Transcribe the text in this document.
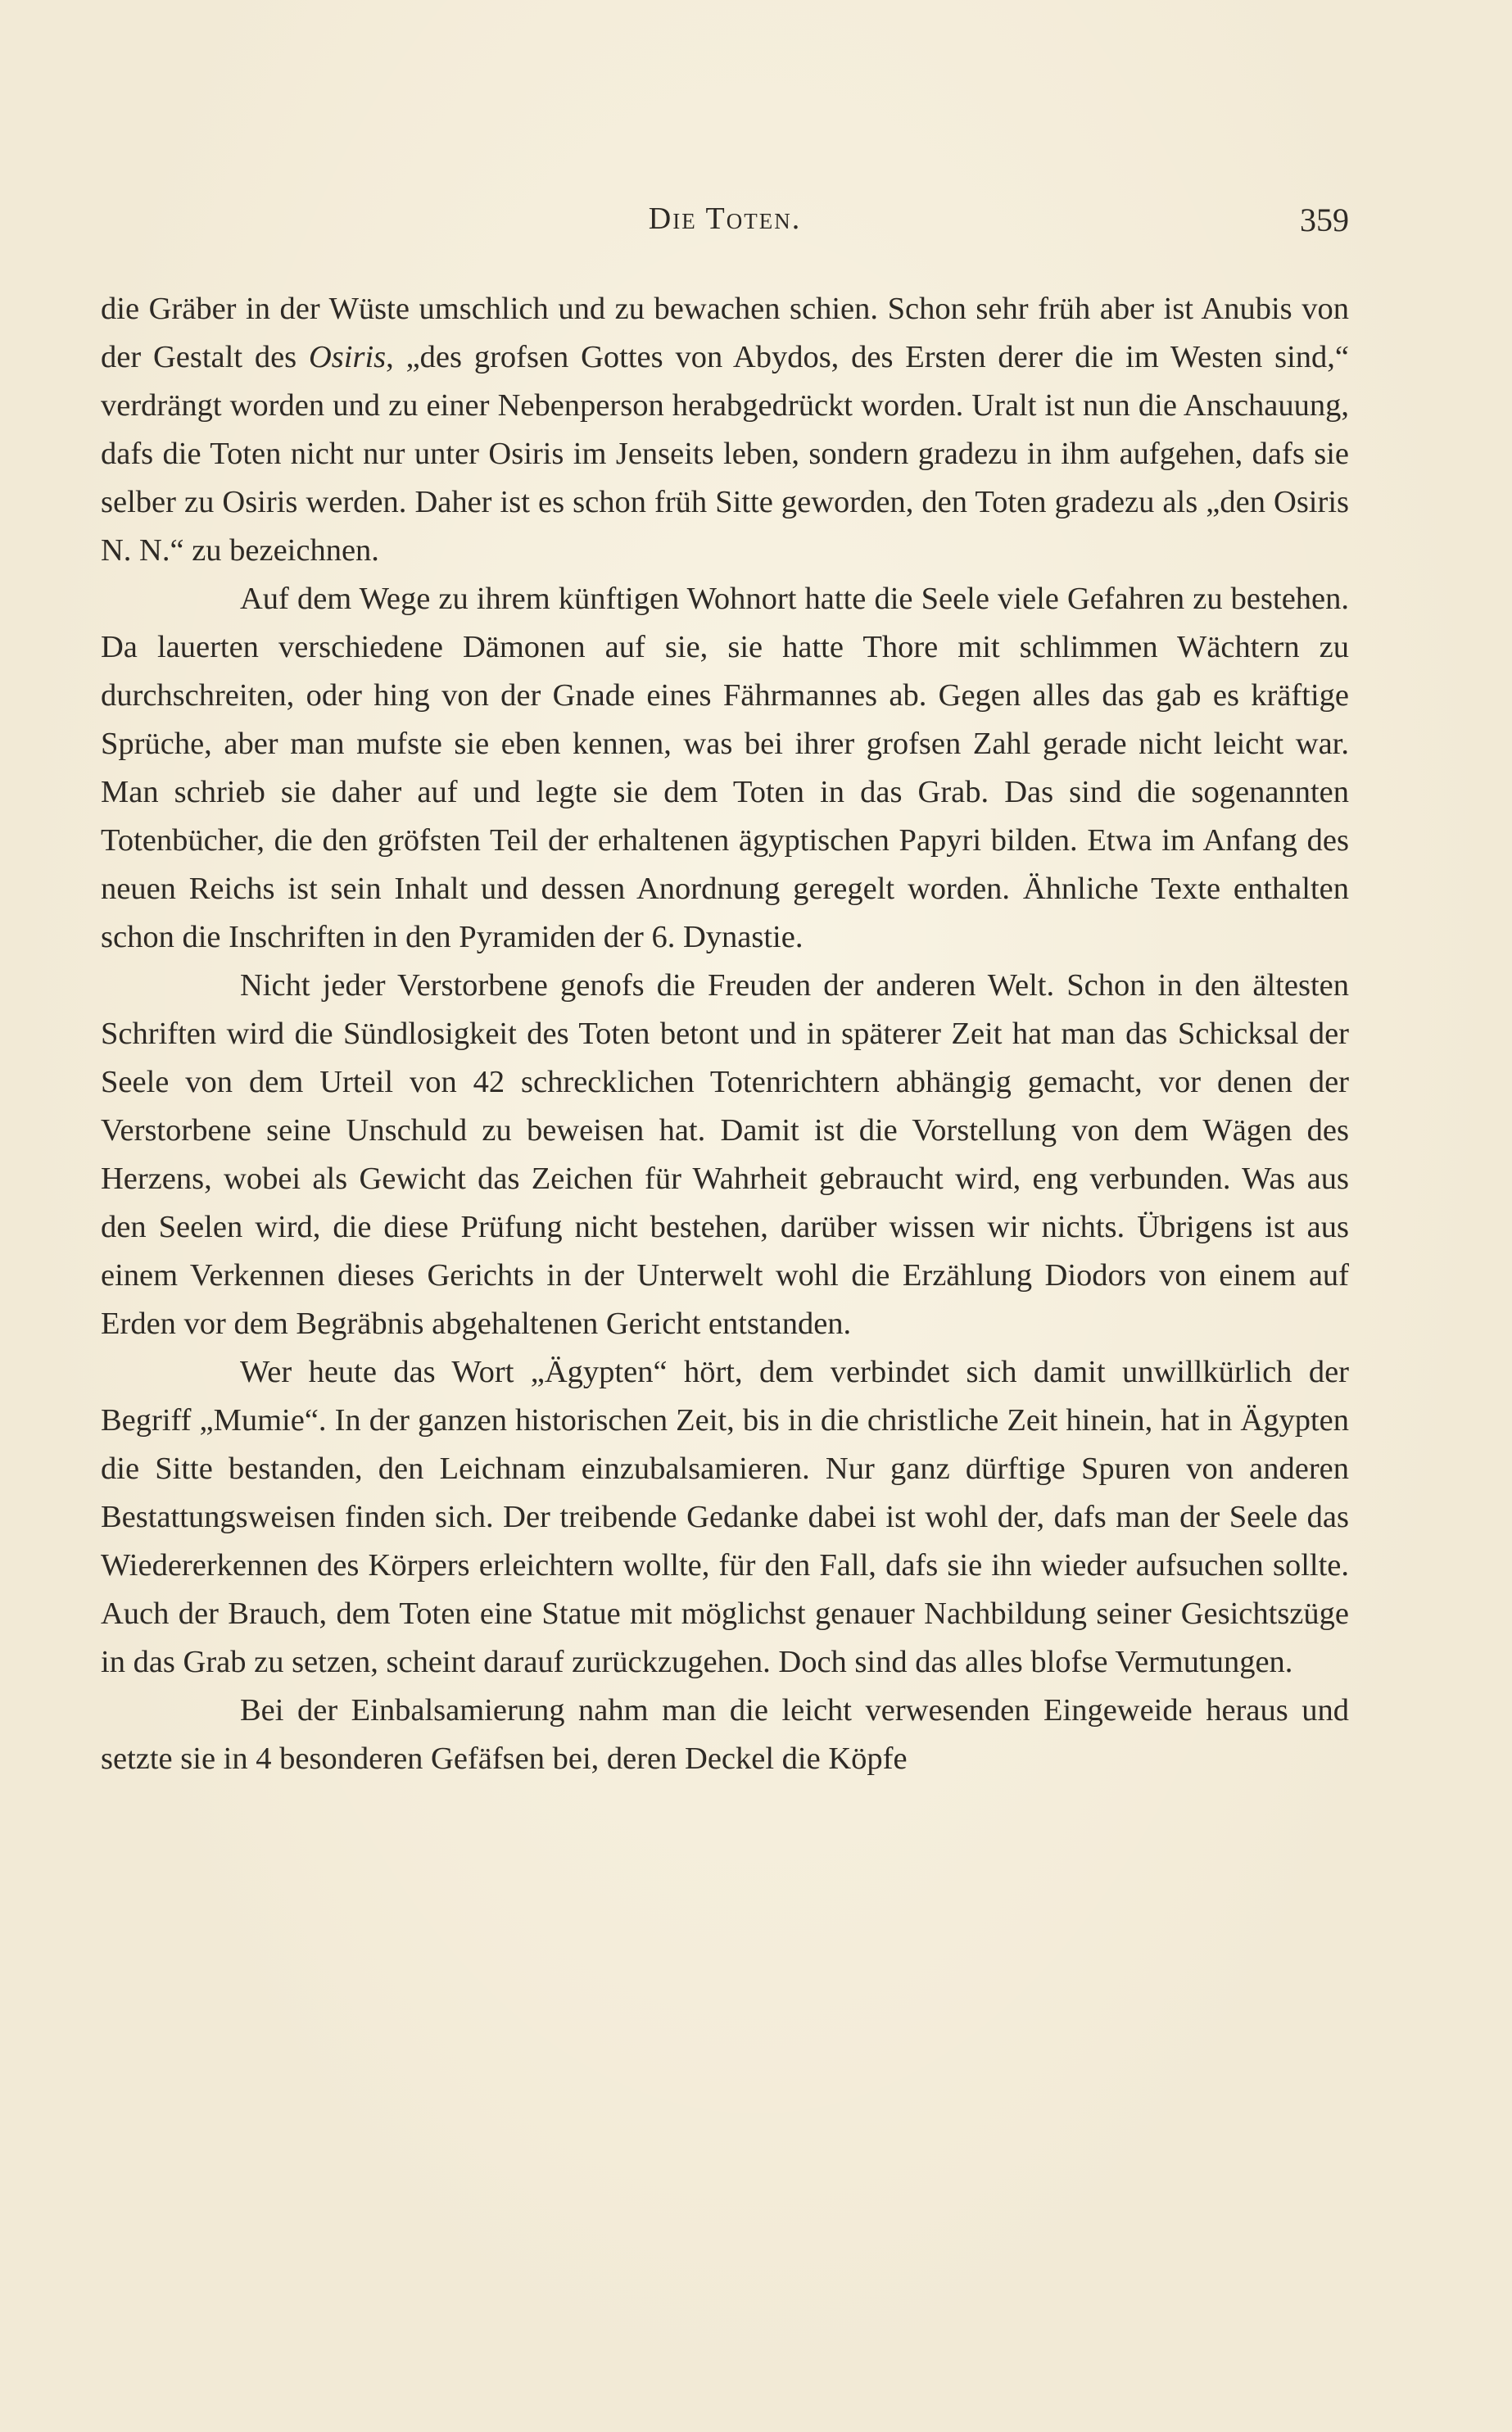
Die Toten.	359

die Gräber in der Wüste umschlich und zu bewachen schien. Schon sehr früh aber ist Anubis von der Gestalt des Osiris, „des grofsen Gottes von Abydos, des Ersten derer die im Westen sind,“ verdrängt worden und zu einer Nebenperson herabgedrückt worden. Uralt ist nun die Anschauung, dafs die Toten nicht nur unter Osiris im Jenseits leben, sondern gradezu in ihm aufgehen, dafs sie selber zu Osiris werden. Daher ist es schon früh Sitte geworden, den Toten gradezu als „den Osiris N. N.“ zu bezeichnen.

Auf dem Wege zu ihrem künftigen Wohnort hatte die Seele viele Gefahren zu bestehen. Da lauerten verschiedene Dämonen auf sie, sie hatte Thore mit schlimmen Wächtern zu durchschreiten, oder hing von der Gnade eines Fährmannes ab. Gegen alles das gab es kräftige Sprüche, aber man mufste sie eben kennen, was bei ihrer grofsen Zahl gerade nicht leicht war. Man schrieb sie daher auf und legte sie dem Toten in das Grab. Das sind die sogenannten Totenbücher, die den gröfsten Teil der erhaltenen ägyptischen Papyri bilden. Etwa im Anfang des neuen Reichs ist sein Inhalt und dessen Anordnung geregelt worden. Ähnliche Texte enthalten schon die Inschriften in den Pyramiden der 6. Dynastie.

Nicht jeder Verstorbene genofs die Freuden der anderen Welt. Schon in den ältesten Schriften wird die Sündlosigkeit des Toten betont und in späterer Zeit hat man das Schicksal der Seele von dem Urteil von 42 schrecklichen Totenrichtern abhängig gemacht, vor denen der Verstorbene seine Unschuld zu beweisen hat. Damit ist die Vorstellung von dem Wägen des Herzens, wobei als Gewicht das Zeichen für Wahrheit gebraucht wird, eng verbunden. Was aus den Seelen wird, die diese Prüfung nicht bestehen, darüber wissen wir nichts. Übrigens ist aus einem Verkennen dieses Gerichts in der Unterwelt wohl die Erzählung Diodors von einem auf Erden vor dem Begräbnis abgehaltenen Gericht entstanden.

Wer heute das Wort „Ägypten“ hört, dem verbindet sich damit unwillkürlich der Begriff „Mumie“. In der ganzen historischen Zeit, bis in die christliche Zeit hinein, hat in Ägypten die Sitte bestanden, den Leichnam einzubalsamieren. Nur ganz dürftige Spuren von anderen Bestattungsweisen finden sich. Der treibende Gedanke dabei ist wohl der, dafs man der Seele das Wiedererkennen des Körpers erleichtern wollte, für den Fall, dafs sie ihn wieder aufsuchen sollte. Auch der Brauch, dem Toten eine Statue mit möglichst genauer Nachbildung seiner Gesichtszüge in das Grab zu setzen, scheint darauf zurückzugehen. Doch sind das alles blofse Vermutungen.

Bei der Einbalsamierung nahm man die leicht verwesenden Eingeweide heraus und setzte sie in 4 besonderen Gefäfsen bei, deren Deckel die Köpfe
